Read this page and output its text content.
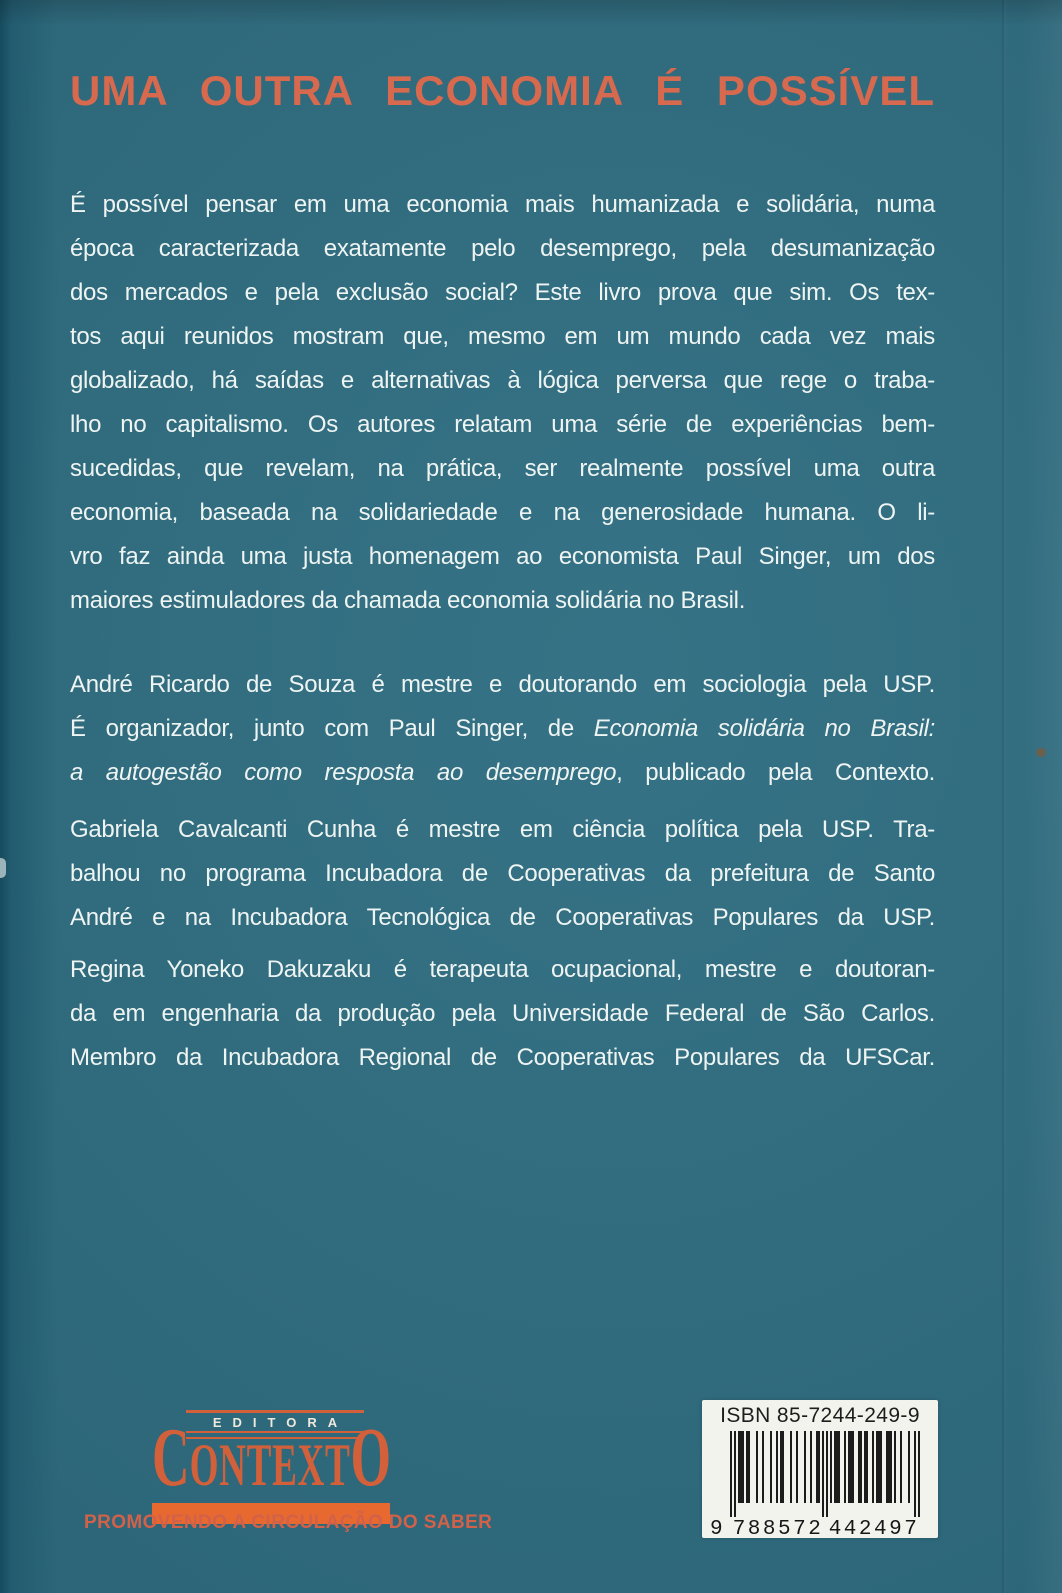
UMA OUTRA ECONOMIA É POSSÍVEL
É possível pensar em uma economia mais humanizada e solidária, numa
época caracterizada exatamente pelo desemprego, pela desumanização
dos mercados e pela exclusão social? Este livro prova que sim. Os tex-
tos aqui reunidos mostram que, mesmo em um mundo cada vez mais
globalizado, há saídas e alternativas à lógica perversa que rege o traba-
lho no capitalismo. Os autores relatam uma série de experiências bem-
sucedidas, que revelam, na prática, ser realmente possível uma outra
economia, baseada na solidariedade e na generosidade humana. O li-
vro faz ainda uma justa homenagem ao economista Paul Singer, um dos
maiores estimuladores da chamada economia solidária no Brasil.
André Ricardo de Souza é mestre e doutorando em sociologia pela USP.
É organizador, junto com Paul Singer, de Economia solidária no Brasil:
a autogestão como resposta ao desemprego, publicado pela Contexto.
Gabriela Cavalcanti Cunha é mestre em ciência política pela USP. Tra-
balhou no programa Incubadora de Cooperativas da prefeitura de Santo
André e na Incubadora Tecnológica de Cooperativas Populares da USP.
Regina Yoneko Dakuzaku é terapeuta ocupacional, mestre e doutoran-
da em engenharia da produção pela Universidade Federal de São Carlos.
Membro da Incubadora Regional de Cooperativas Populares da UFSCar.
EDITORA
CONTEXTO
PROMOVENDO A CIRCULAÇÃO DO SABER
ISBN 85-7244-249-9
9 788572 442497
